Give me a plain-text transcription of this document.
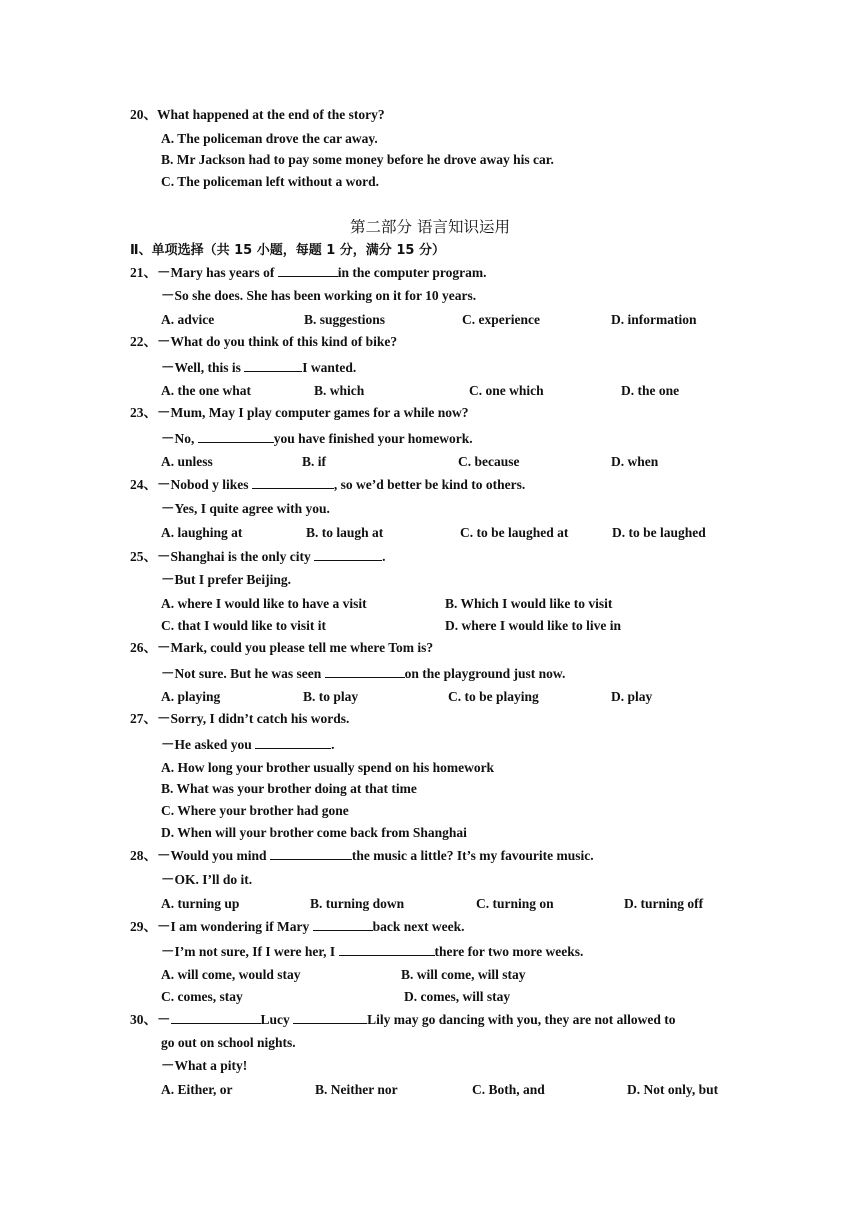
20、What happened at the end of the story?
A. The policeman drove the car away.
B. Mr Jackson had to pay some money before he drove away his car.
C. The policeman left without a word.
第二部分 语言知识运用
Ⅱ、单项选择（共 15 小题，每题 1 分，满分 15 分）
21、－Mary has years of	in the computer program.
－So she does. She has been working on it for 10 years.
A. advice	B. suggestions	C. experience	D. information
22、－What do you think of this kind of bike?
－Well, this is	I wanted.
A. the one what	B. which	C. one which	D. the one
23、－Mum, May I play computer games for a while now?
－No,	you have finished your homework.
A. unless	B. if	C. because	D. when
24、－Nobod y likes	, so we’d better be kind to others.
－Yes, I quite agree with you.
A. laughing at	B. to laugh at	C. to be laughed at	D. to be laughed
25、－Shanghai is the only city	.
－But I prefer Beijing.
A. where I would like to have a visit	B. Which I would like to visit
C. that I would like to visit it	D. where I would like to live in
26、－Mark, could you please tell me where Tom is?
－Not sure. But he was seen	on the playground just now.
A. playing	B. to play	C. to be playing	D. play
27、－Sorry, I didn’t catch his words.
－He asked you	.
A. How long your brother usually spend on his homework
B. What was your brother doing at that time
C. Where your brother had gone
D. When will your brother come back from Shanghai
28、－Would you mind	the music a little? It’s my favourite music.
－OK. I’ll do it.
A. turning up	B. turning down	C. turning on	D. turning off
29、－I am wondering if Mary	back next week.
－I’m not sure, If I were her, I	there for two more weeks.
A. will come, would stay	B. will come, will stay
C. comes, stay	D. comes, will stay
30、－	Lucy	Lily may go dancing with you, they are not allowed to
go out on school nights.
－What a pity!
A. Either, or	B. Neither nor	C. Both, and	D. Not only, but
